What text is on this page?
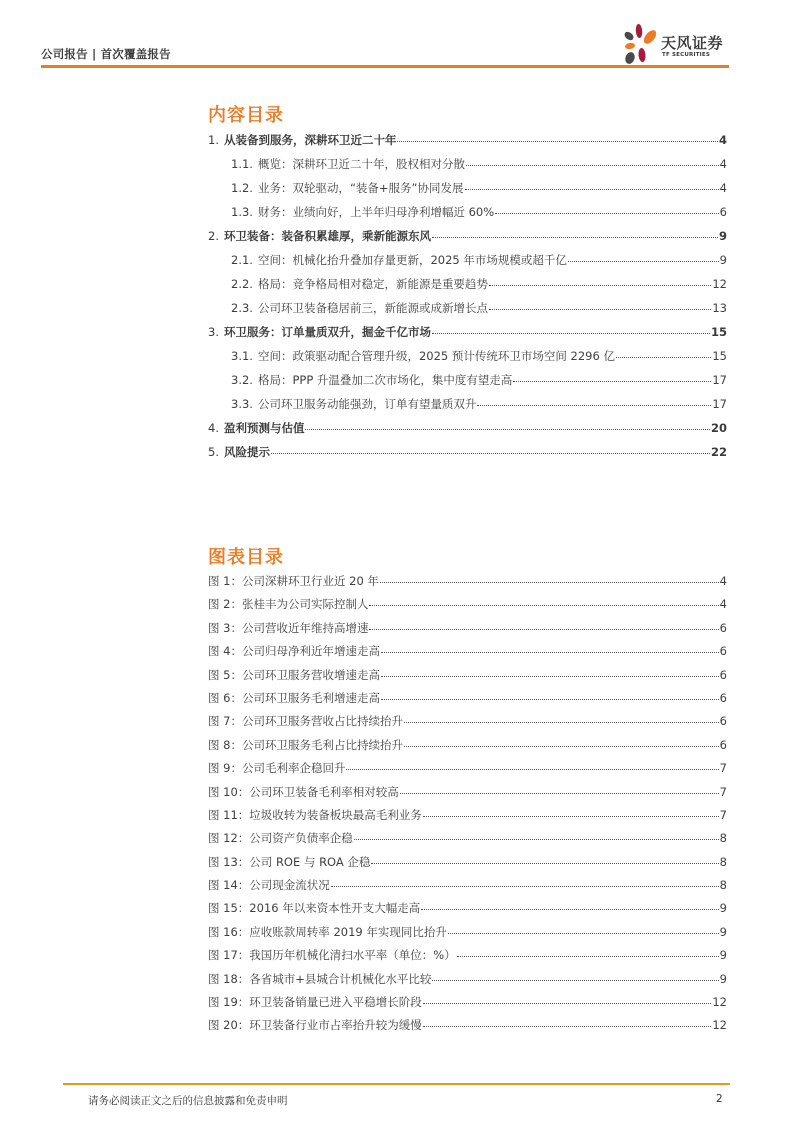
公司报告 | 首次覆盖报告
天风证券
TF SECURITIES
内容目录
1. 从装备到服务，深耕环卫近二十年	4
1.1. 概览：深耕环卫近二十年，股权相对分散	4
1.2. 业务：双轮驱动，“装备+服务”协同发展	4
1.3. 财务：业绩向好，上半年归母净利增幅近 60%	6
2. 环卫装备：装备积累雄厚，乘新能源东风	9
2.1. 空间：机械化抬升叠加存量更新，2025 年市场规模或超千亿	9
2.2. 格局：竞争格局相对稳定，新能源是重要趋势	12
2.3. 公司环卫装备稳居前三，新能源或成新增长点	13
3. 环卫服务：订单量质双升，掘金千亿市场	15
3.1. 空间：政策驱动配合管理升级，2025 预计传统环卫市场空间 2296 亿	15
3.2. 格局：PPP 升温叠加二次市场化，集中度有望走高	17
3.3. 公司环卫服务动能强劲，订单有望量质双升	17
4. 盈利预测与估值	20
5. 风险提示	22
图表目录
图 1：公司深耕环卫行业近 20 年	4
图 2：张桂丰为公司实际控制人	4
图 3：公司营收近年维持高增速	6
图 4：公司归母净利近年增速走高	6
图 5：公司环卫服务营收增速走高	6
图 6：公司环卫服务毛利增速走高	6
图 7：公司环卫服务营收占比持续抬升	6
图 8：公司环卫服务毛利占比持续抬升	6
图 9：公司毛利率企稳回升	7
图 10：公司环卫装备毛利率相对较高	7
图 11：垃圾收转为装备板块最高毛利业务	7
图 12：公司资产负债率企稳	8
图 13：公司 ROE 与 ROA 企稳	8
图 14：公司现金流状况	8
图 15：2016 年以来资本性开支大幅走高	9
图 16：应收账款周转率 2019 年实现同比抬升	9
图 17：我国历年机械化清扫水平率（单位：%）	9
图 18：各省城市+县城合计机械化水平比较	9
图 19：环卫装备销量已进入平稳增长阶段	12
图 20：环卫装备行业市占率抬升较为缓慢	12
请务必阅读正文之后的信息披露和免责申明	2
